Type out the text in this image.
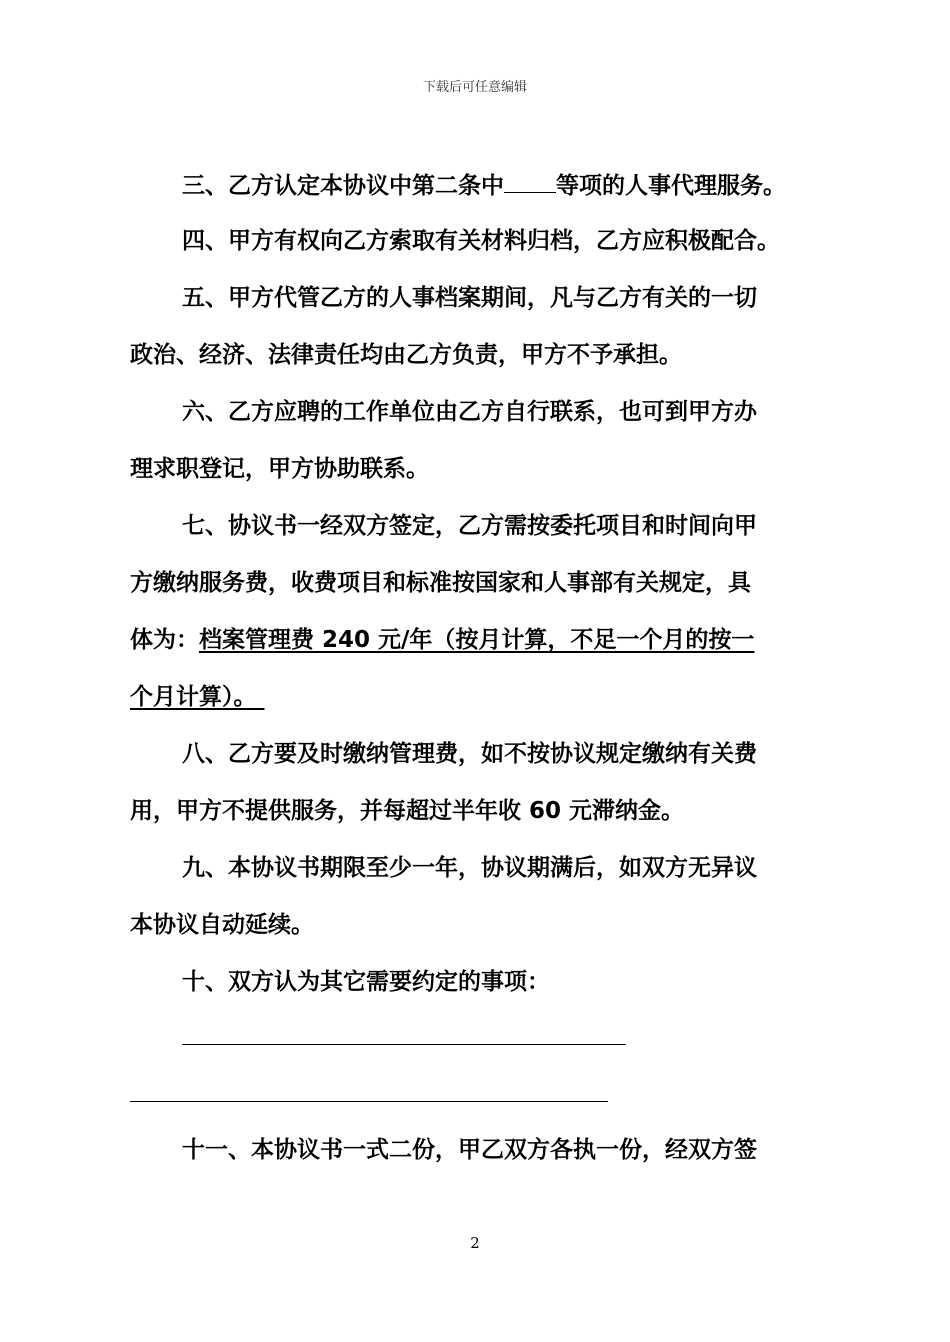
下载后可任意编辑
三、乙方认定本协议中第二条中 等项的人事代理服务。
四、甲方有权向乙方索取有关材料归档，乙方应积极配合。
五、甲方代管乙方的人事档案期间，凡与乙方有关的一切
政治、经济、法律责任均由乙方负责，甲方不予承担。
六、乙方应聘的工作单位由乙方自行联系，也可到甲方办
理求职登记，甲方协助联系。
七、协议书一经双方签定，乙方需按委托项目和时间向甲
方缴纳服务费，收费项目和标准按国家和人事部有关规定，具
体为：档案管理费 240 元/年（按月计算，不足一个月的按一
个月计算）。
八、乙方要及时缴纳管理费，如不按协议规定缴纳有关费
用，甲方不提供服务，并每超过半年收 60 元滞纳金。
九、本协议书期限至少一年，协议期满后，如双方无异议
本协议自动延续。
十、双方认为其它需要约定的事项：
十一、本协议书一式二份，甲乙双方各执一份，经双方签
2
